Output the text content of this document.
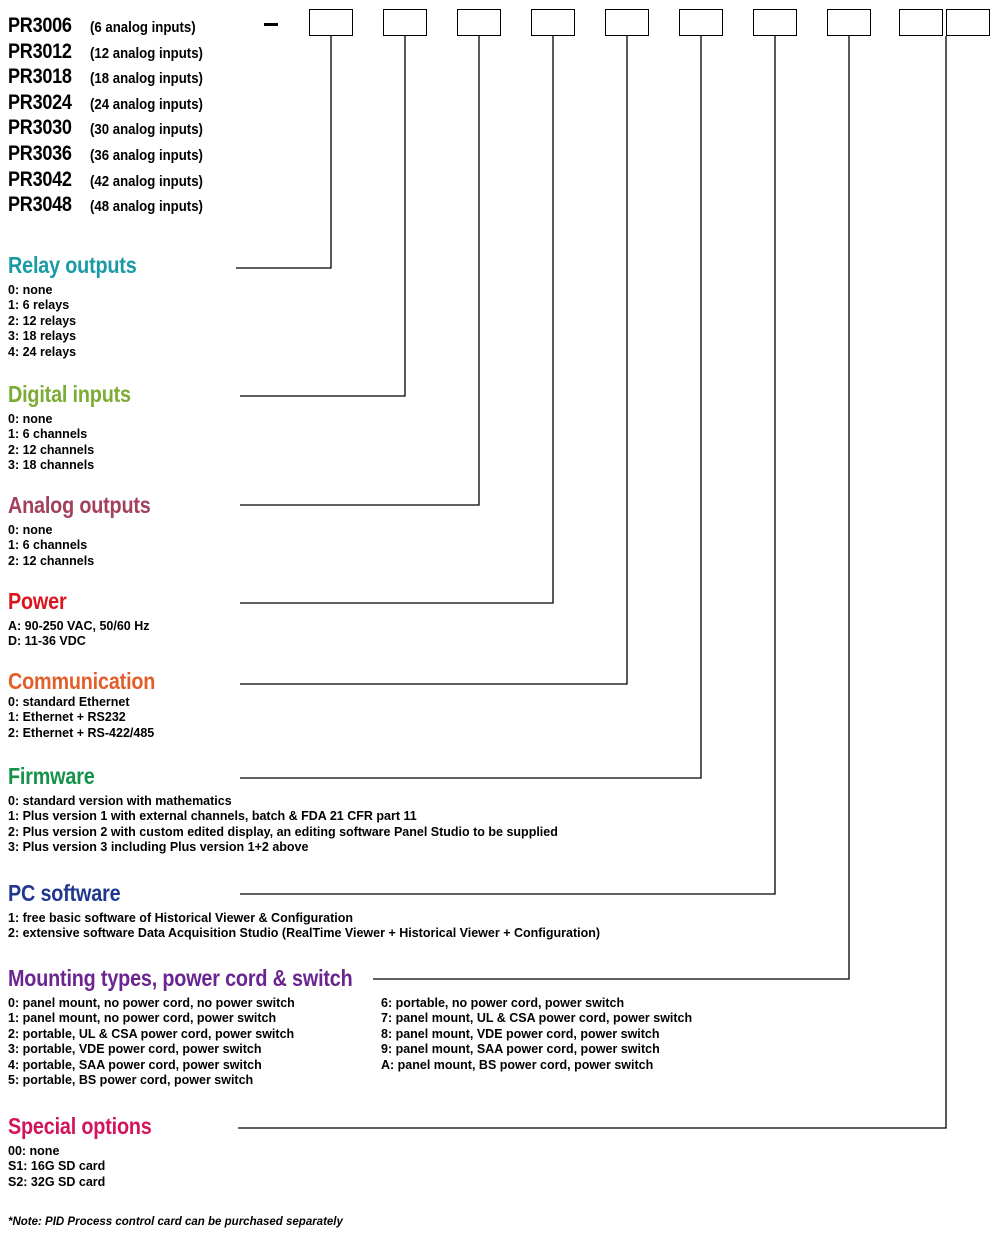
PR3006	(6 analog inputs)
PR3012	(12 analog inputs)
PR3018	(18 analog inputs)
PR3024	(24 analog inputs)
PR3030	(30 analog inputs)
PR3036	(36 analog inputs)
PR3042	(42 analog inputs)
PR3048	(48 analog inputs)
Relay outputs
0: none
1: 6 relays
2: 12 relays
3: 18 relays
4: 24 relays
Digital inputs
0: none
1: 6 channels
2: 12 channels
3: 18 channels
Analog outputs
0: none
1: 6 channels
2: 12 channels
Power
A: 90-250 VAC, 50/60 Hz
D: 11-36 VDC
Communication
0: standard Ethernet
1: Ethernet + RS232
2: Ethernet + RS-422/485
Firmware
0: standard version with mathematics
1: Plus version 1 with external channels, batch & FDA 21 CFR part 11
2: Plus version 2 with custom edited display, an editing software Panel Studio to be supplied
3: Plus version 3 including Plus version 1+2 above
PC software
1: free basic software of Historical Viewer & Configuration
2: extensive software Data Acquisition Studio (RealTime Viewer + Historical Viewer + Configuration)
Mounting types, power cord & switch
0: panel mount, no power cord, no power switch
1: panel mount, no power cord, power switch
2: portable, UL & CSA power cord, power switch
3: portable, VDE power cord, power switch
4: portable, SAA power cord, power switch
5: portable, BS power cord, power switch
6: portable, no power cord, power switch
7: panel mount, UL & CSA power cord, power switch
8: panel mount, VDE power cord, power switch
9: panel mount, SAA power cord, power switch
A: panel mount, BS power cord, power switch
Special options
00: none
S1: 16G SD card
S2: 32G SD card
*Note: PID Process control card can be purchased separately
